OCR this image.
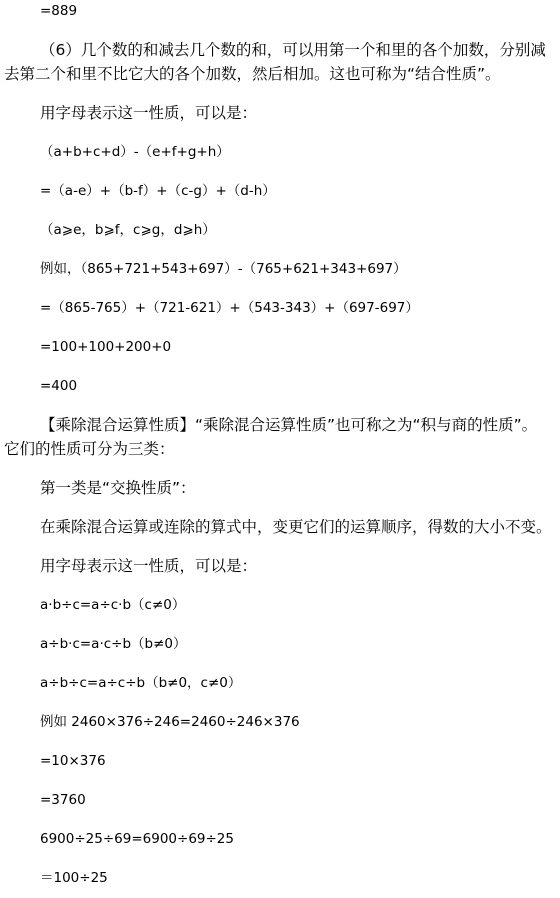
=889
（6）几个数的和减去几个数的和，可以用第一个和里的各个加数，分别减
去第二个和里不比它大的各个加数，然后相加。这也可称为“结合性质”。
用字母表示这一性质，可以是：
（a+b+c+d）-（e+f+g+h）
=（a-e）+（b-f）+（c-g）+（d-h）
（a⩾e，b⩾f，c⩾g，d⩾h）
例如，（865+721+543+697）-（765+621+343+697）
=（865-765）+（721-621）+（543-343）+（697-697）
=100+100+200+0
=400
【乘除混合运算性质】“乘除混合运算性质”也可称之为“积与商的性质”。
它们的性质可分为三类：
第一类是“交换性质”：
在乘除混合运算或连除的算式中，变更它们的运算顺序，得数的大小不变。
用字母表示这一性质，可以是：
a·b÷c=a÷c·b（c≠0）
a÷b·c=a·c÷b（b≠0）
a÷b÷c=a÷c÷b（b≠0，c≠0）
例如 2460×376÷246=2460÷246×376
=10×376
=3760
6900÷25÷69=6900÷69÷25
＝100÷25
